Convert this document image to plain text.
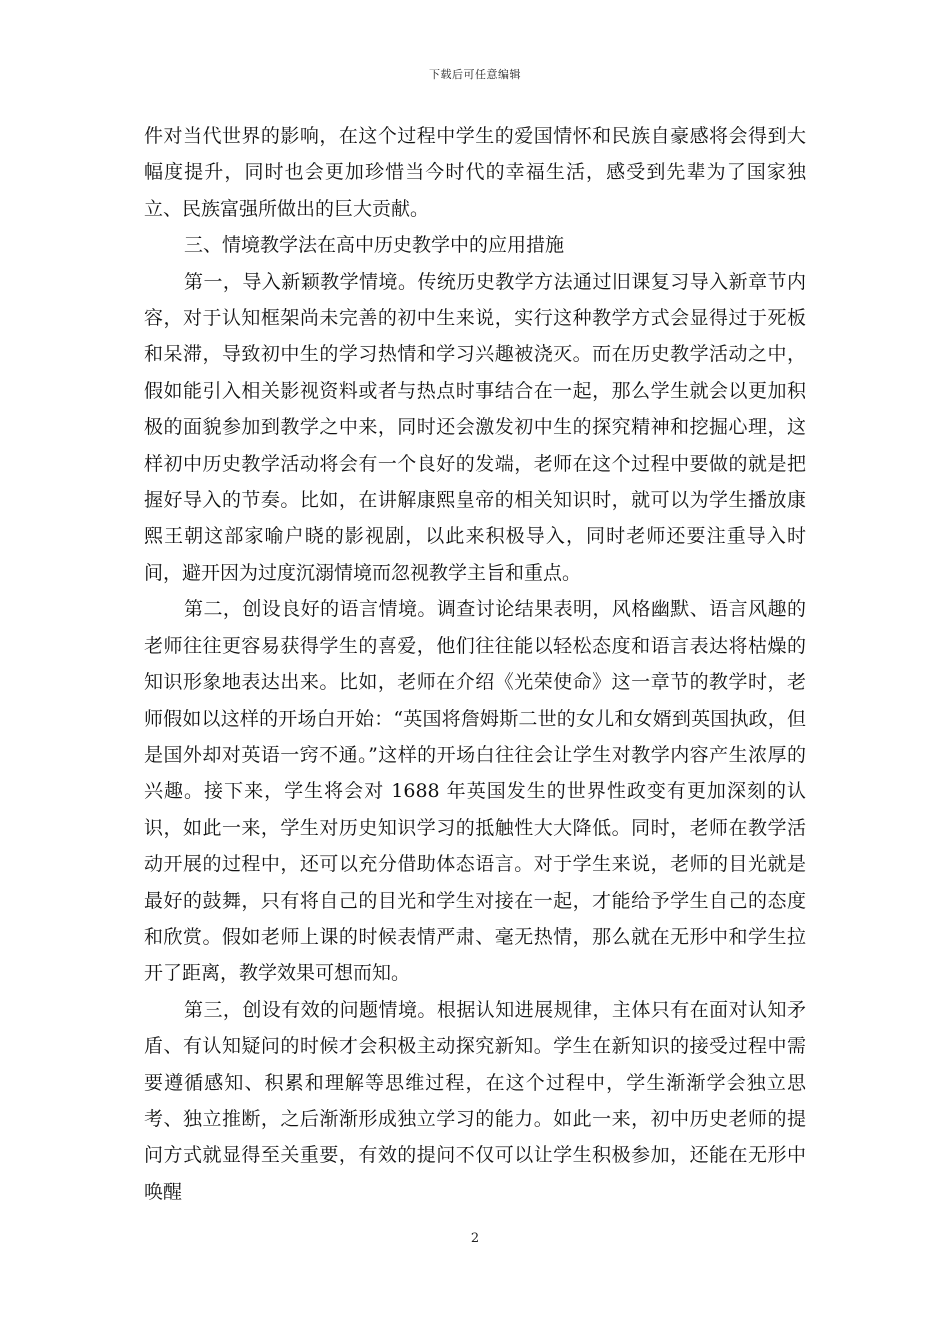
下载后可任意编辑

件对当代世界的影响，在这个过程中学生的爱国情怀和民族自豪感将会得到大幅度提升，同时也会更加珍惜当今时代的幸福生活，感受到先辈为了国家独立、民族富强所做出的巨大贡献。

三、情境教学法在高中历史教学中的应用措施

第一，导入新颖教学情境。传统历史教学方法通过旧课复习导入新章节内容，对于认知框架尚未完善的初中生来说，实行这种教学方式会显得过于死板和呆滞，导致初中生的学习热情和学习兴趣被浇灭。而在历史教学活动之中，假如能引入相关影视资料或者与热点时事结合在一起，那么学生就会以更加积极的面貌参加到教学之中来，同时还会激发初中生的探究精神和挖掘心理，这样初中历史教学活动将会有一个良好的发端，老师在这个过程中要做的就是把握好导入的节奏。比如，在讲解康熙皇帝的相关知识时，就可以为学生播放康熙王朝这部家喻户晓的影视剧，以此来积极导入，同时老师还要注重导入时间，避开因为过度沉溺情境而忽视教学主旨和重点。

第二，创设良好的语言情境。调查讨论结果表明，风格幽默、语言风趣的老师往往更容易获得学生的喜爱，他们往往能以轻松态度和语言表达将枯燥的知识形象地表达出来。比如，老师在介绍《光荣使命》这一章节的教学时，老师假如以这样的开场白开始：“英国将詹姆斯二世的女儿和女婿到英国执政，但是国外却对英语一窍不通。”这样的开场白往往会让学生对教学内容产生浓厚的兴趣。接下来，学生将会对 1688 年英国发生的世界性政变有更加深刻的认识，如此一来，学生对历史知识学习的抵触性大大降低。同时，老师在教学活动开展的过程中，还可以充分借助体态语言。对于学生来说，老师的目光就是最好的鼓舞，只有将自己的目光和学生对接在一起，才能给予学生自己的态度和欣赏。假如老师上课的时候表情严肃、毫无热情，那么就在无形中和学生拉开了距离，教学效果可想而知。

第三，创设有效的问题情境。根据认知进展规律，主体只有在面对认知矛盾、有认知疑问的时候才会积极主动探究新知。学生在新知识的接受过程中需要遵循感知、积累和理解等思维过程，在这个过程中，学生渐渐学会独立思考、独立推断，之后渐渐形成独立学习的能力。如此一来，初中历史老师的提问方式就显得至关重要，有效的提问不仅可以让学生积极参加，还能在无形中唤醒

2
